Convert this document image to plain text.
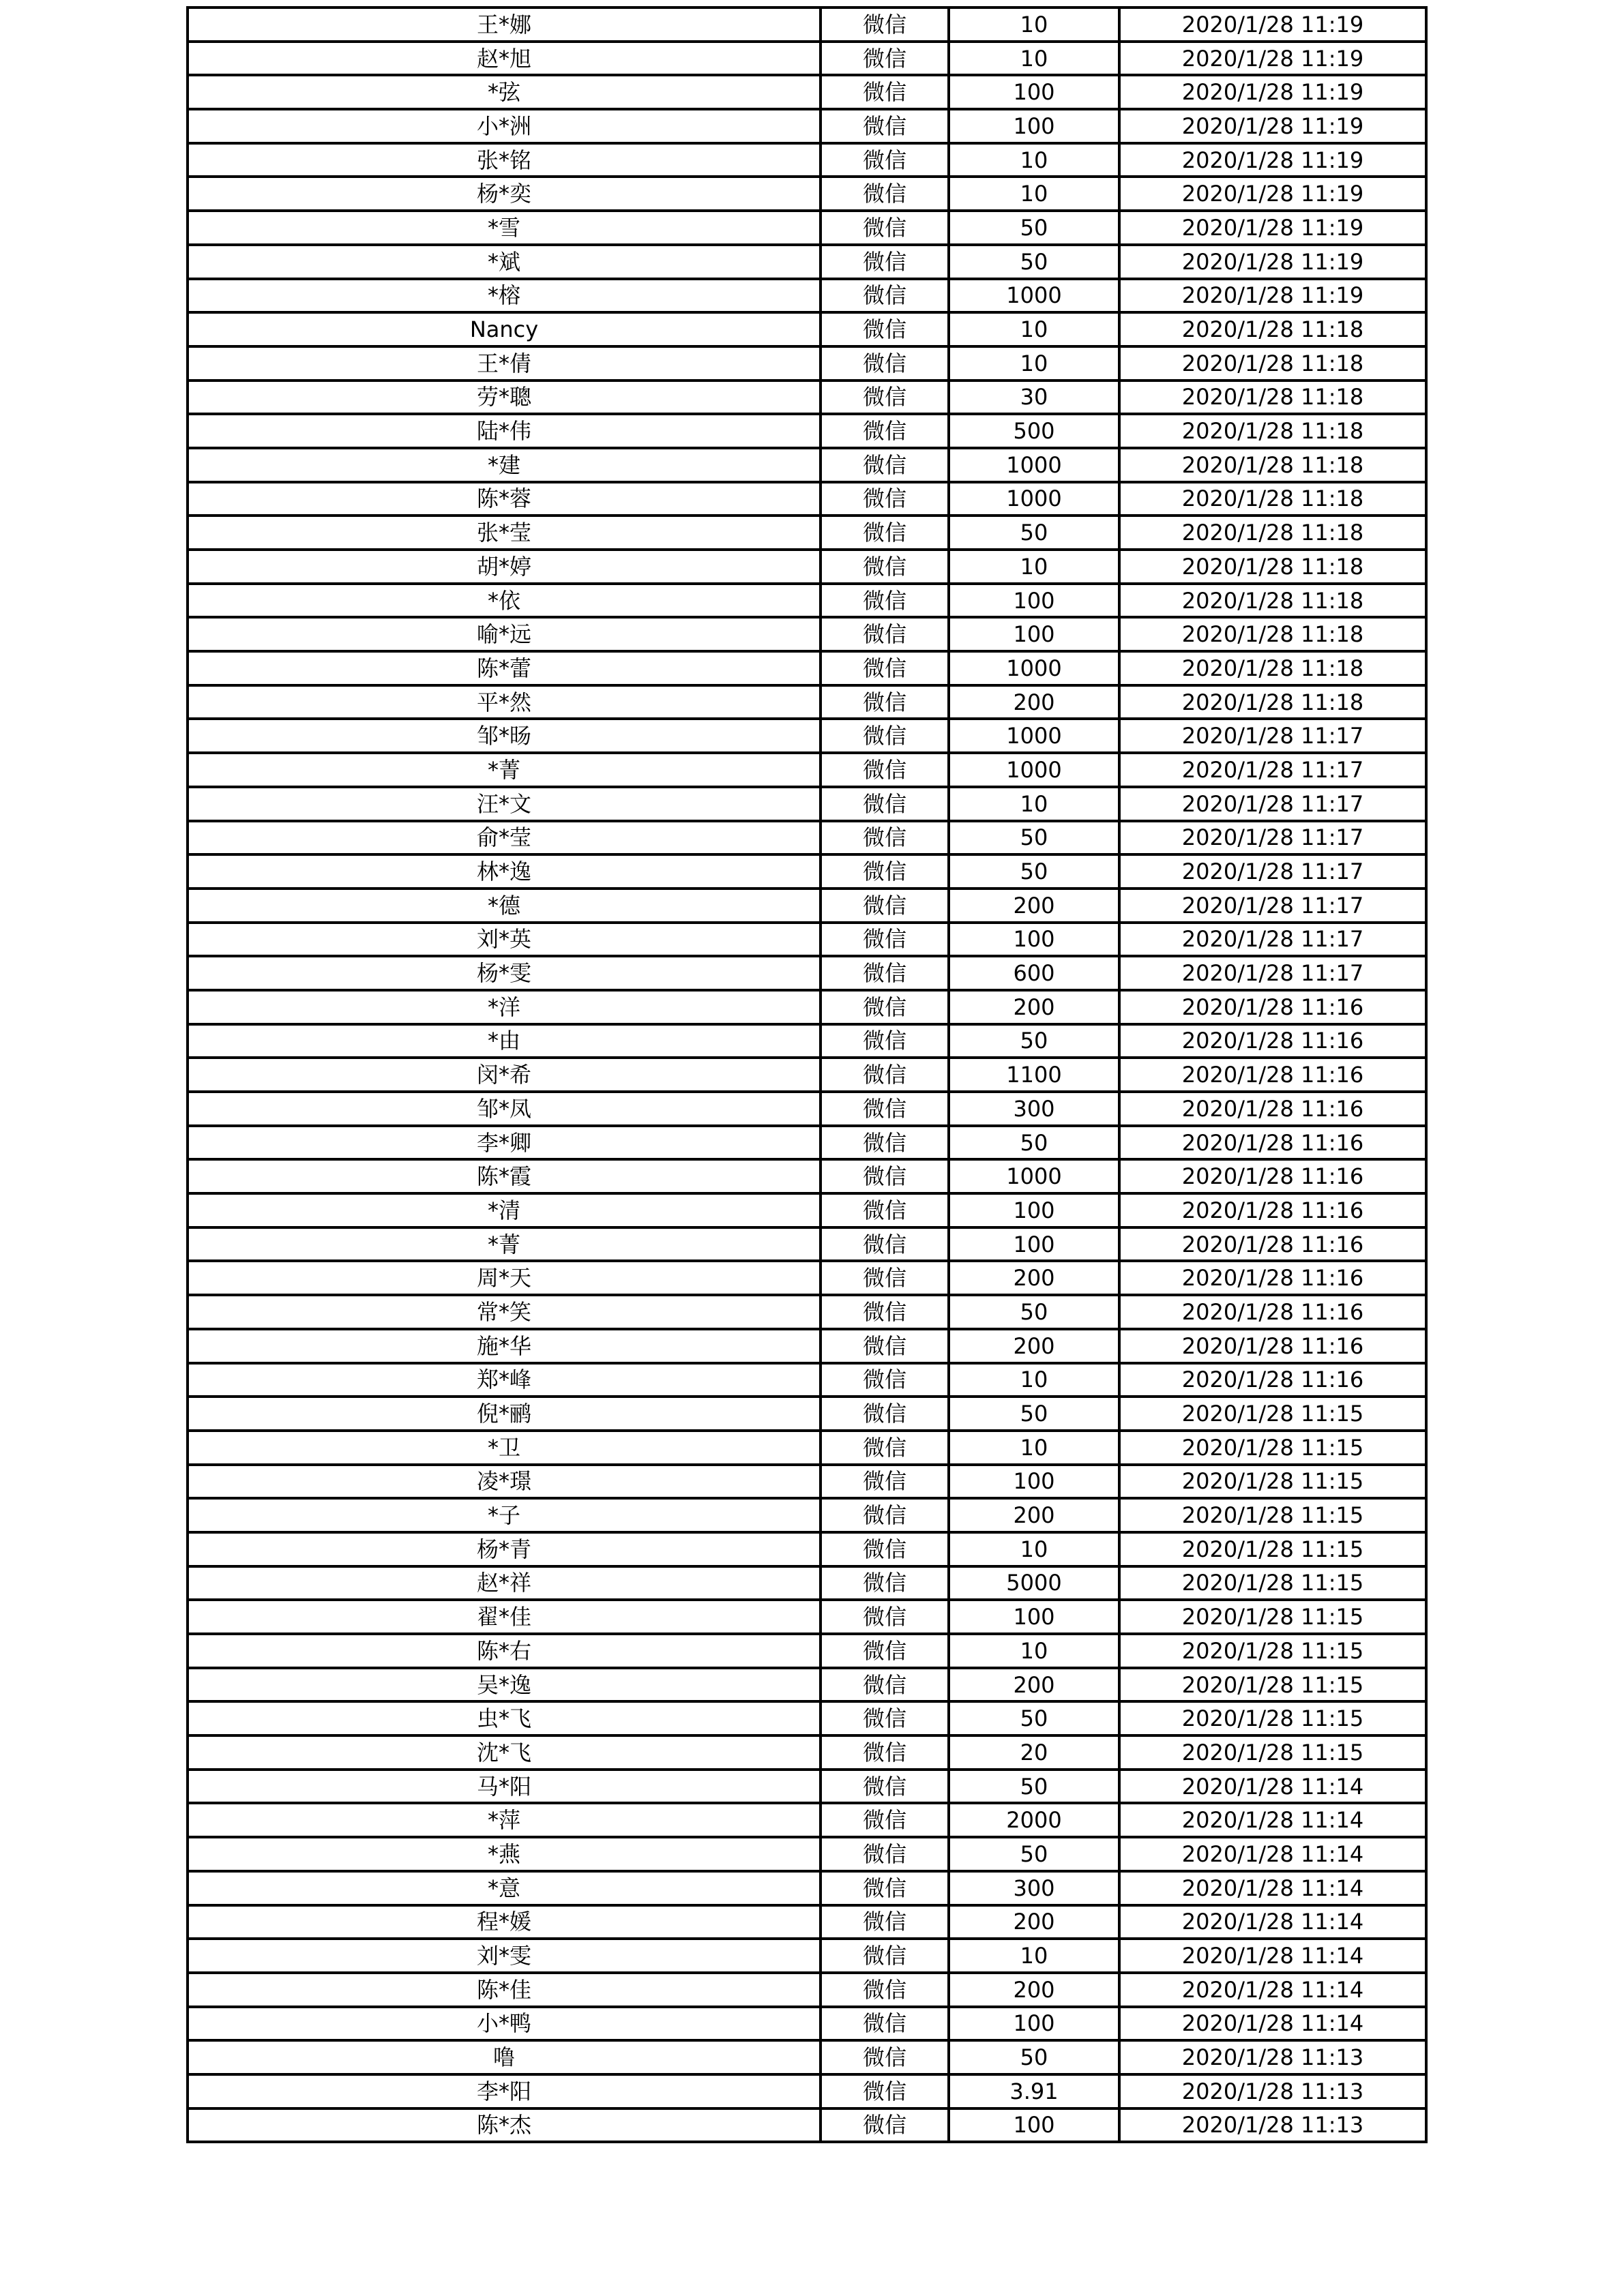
王*娜	微信	10	2020/1/28 11:19
赵*旭	微信	10	2020/1/28 11:19
*弦	微信	100	2020/1/28 11:19
小*洲	微信	100	2020/1/28 11:19
张*铭	微信	10	2020/1/28 11:19
杨*奕	微信	10	2020/1/28 11:19
*雪	微信	50	2020/1/28 11:19
*斌	微信	50	2020/1/28 11:19
*榕	微信	1000	2020/1/28 11:19
Nancy	微信	10	2020/1/28 11:18
王*倩	微信	10	2020/1/28 11:18
劳*聰	微信	30	2020/1/28 11:18
陆*伟	微信	500	2020/1/28 11:18
*建	微信	1000	2020/1/28 11:18
陈*蓉	微信	1000	2020/1/28 11:18
张*莹	微信	50	2020/1/28 11:18
胡*婷	微信	10	2020/1/28 11:18
*依	微信	100	2020/1/28 11:18
喻*远	微信	100	2020/1/28 11:18
陈*蕾	微信	1000	2020/1/28 11:18
平*然	微信	200	2020/1/28 11:18
邹*旸	微信	1000	2020/1/28 11:17
*菁	微信	1000	2020/1/28 11:17
汪*文	微信	10	2020/1/28 11:17
俞*莹	微信	50	2020/1/28 11:17
林*逸	微信	50	2020/1/28 11:17
*德	微信	200	2020/1/28 11:17
刘*英	微信	100	2020/1/28 11:17
杨*雯	微信	600	2020/1/28 11:17
*洋	微信	200	2020/1/28 11:16
*由	微信	50	2020/1/28 11:16
闵*希	微信	1100	2020/1/28 11:16
邹*凤	微信	300	2020/1/28 11:16
李*卿	微信	50	2020/1/28 11:16
陈*霞	微信	1000	2020/1/28 11:16
*清	微信	100	2020/1/28 11:16
*菁	微信	100	2020/1/28 11:16
周*天	微信	200	2020/1/28 11:16
常*笑	微信	50	2020/1/28 11:16
施*华	微信	200	2020/1/28 11:16
郑*峰	微信	10	2020/1/28 11:16
倪*鹂	微信	50	2020/1/28 11:15
*卫	微信	10	2020/1/28 11:15
凌*璟	微信	100	2020/1/28 11:15
*子	微信	200	2020/1/28 11:15
杨*青	微信	10	2020/1/28 11:15
赵*祥	微信	5000	2020/1/28 11:15
翟*佳	微信	100	2020/1/28 11:15
陈*右	微信	10	2020/1/28 11:15
吴*逸	微信	200	2020/1/28 11:15
虫*飞	微信	50	2020/1/28 11:15
沈*飞	微信	20	2020/1/28 11:15
马*阳	微信	50	2020/1/28 11:14
*萍	微信	2000	2020/1/28 11:14
*燕	微信	50	2020/1/28 11:14
*意	微信	300	2020/1/28 11:14
程*媛	微信	200	2020/1/28 11:14
刘*雯	微信	10	2020/1/28 11:14
陈*佳	微信	200	2020/1/28 11:14
小*鸭	微信	100	2020/1/28 11:14
噜	微信	50	2020/1/28 11:13
李*阳	微信	3.91	2020/1/28 11:13
陈*杰	微信	100	2020/1/28 11:13
